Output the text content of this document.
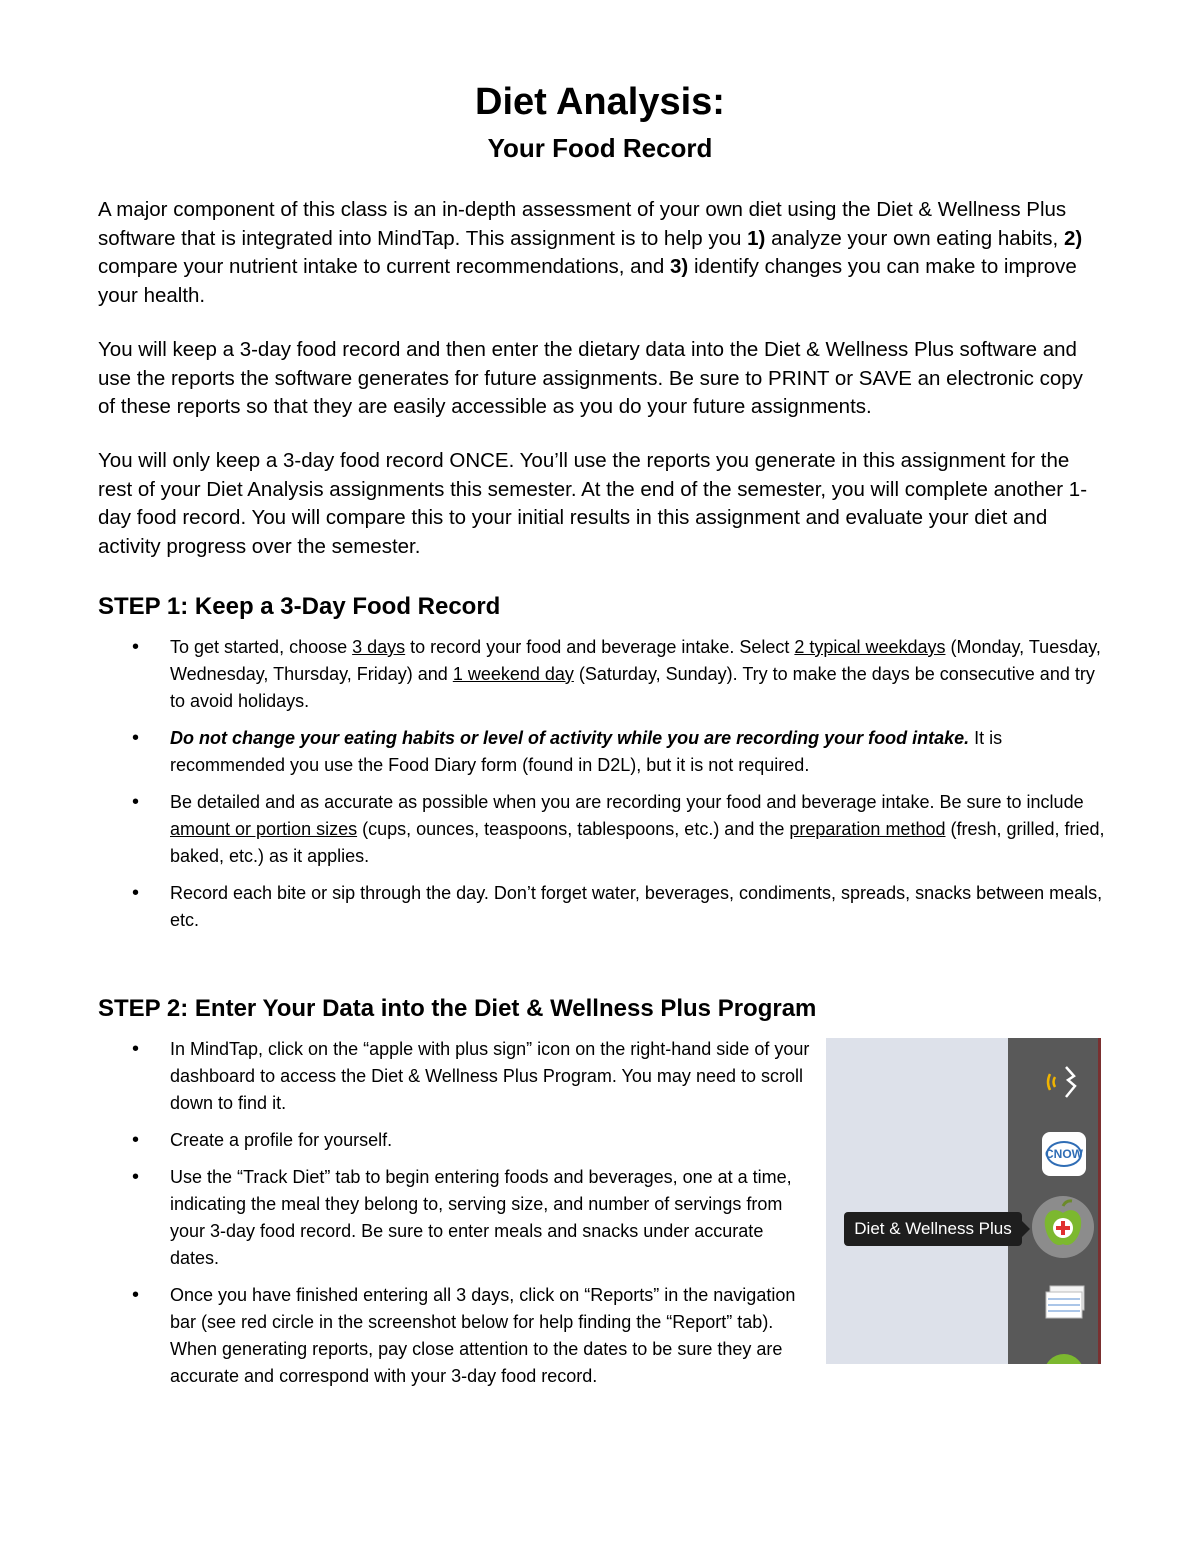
Diet Analysis:
Your Food Record

A major component of this class is an in-depth assessment of your own diet using the Diet & Wellness Plus software that is integrated into MindTap. This assignment is to help you 1) analyze your own eating habits, 2) compare your nutrient intake to current recommendations, and 3) identify changes you can make to improve your health.

You will keep a 3-day food record and then enter the dietary data into the Diet & Wellness Plus software and use the reports the software generates for future assignments. Be sure to PRINT or SAVE an electronic copy of these reports so that they are easily accessible as you do your future assignments.

You will only keep a 3-day food record ONCE. You’ll use the reports you generate in this assignment for the rest of your Diet Analysis assignments this semester. At the end of the semester, you will complete another 1-day food record. You will compare this to your initial results in this assignment and evaluate your diet and activity progress over the semester.

STEP 1: Keep a 3-Day Food Record
• To get started, choose 3 days to record your food and beverage intake. Select 2 typical weekdays (Monday, Tuesday, Wednesday, Thursday, Friday) and 1 weekend day (Saturday, Sunday). Try to make the days be consecutive and try to avoid holidays.
• Do not change your eating habits or level of activity while you are recording your food intake. It is recommended you use the Food Diary form (found in D2L), but it is not required.
• Be detailed and as accurate as possible when you are recording your food and beverage intake. Be sure to include amount or portion sizes (cups, ounces, teaspoons, tablespoons, etc.) and the preparation method (fresh, grilled, fried, baked, etc.) as it applies.
• Record each bite or sip through the day. Don’t forget water, beverages, condiments, spreads, snacks between meals, etc.
STEP 2: Enter Your Data into the Diet & Wellness Plus Program
• In MindTap, click on the “apple with plus sign” icon on the right-hand side of your dashboard to access the Diet & Wellness Plus Program. You may need to scroll down to find it.
• Create a profile for yourself.
• Use the “Track Diet” tab to begin entering foods and beverages, one at a time, indicating the meal they belong to, serving size, and number of servings from your 3-day food record. Be sure to enter meals and snacks under accurate dates.
• Once you have finished entering all 3 days, click on “Reports” in the navigation bar (see red circle in the screenshot below for help finding the “Report” tab). When generating reports, pay close attention to the dates to be sure they are accurate and correspond with your 3-day food record.
CNOW
Diet & Wellness Plus
